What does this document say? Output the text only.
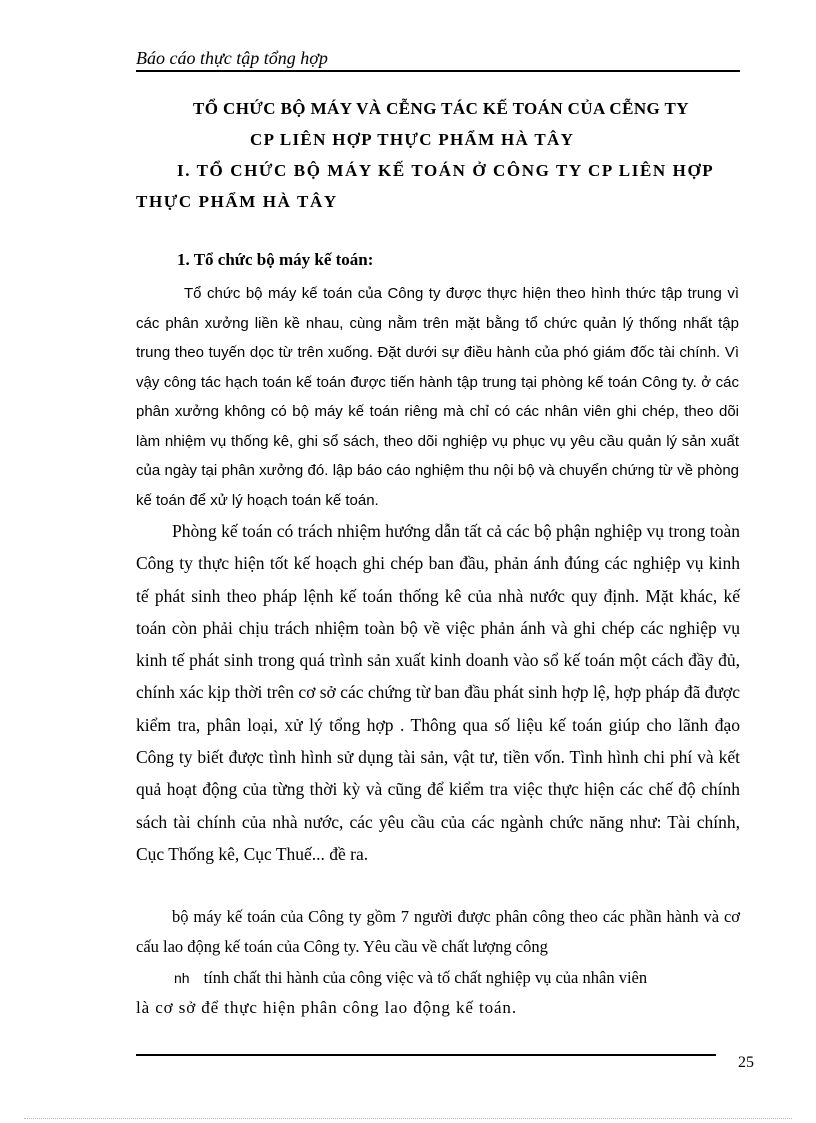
Báo cáo thực tập tổng hợp
TỔ CHỨC BỘ MÁY VÀ CỄNG TÁC KẾ TOÁN CỦA CỄNG TY
CP LIÊN HỢP THỰC PHẨM HÀ TÂY
I. TỔ CHỨC BỘ MÁY KẾ TOÁN Ở CÔNG TY CP LIÊN HỢP
THỰC PHẨM HÀ TÂY
1. Tổ chức bộ máy kế toán:

Tổ chức bộ máy kế toán của Công ty được thực hiện theo hình thức tập trung vì các phân xưởng liền kề nhau, cùng nằm trên mặt bằng tổ chức quản lý thống nhất tập trung theo tuyến dọc từ trên xuống. Đặt dưới sự điều hành của phó giám đốc tài chính. Vì vậy công tác hạch toán kế toán được tiến hành tập trung tại phòng kế toán Công ty. ở các phân xưởng không có bộ máy kế toán riêng mà chỉ có các nhân viên ghi chép, theo dõi làm nhiệm vụ thống kê, ghi sổ sách, theo dõi nghiệp vụ phục vụ yêu cầu quản lý sản xuất của ngày tại phân xưởng đó. lập báo cáo nghiệm thu nội bộ và chuyển chứng từ về phòng kế toán để xử lý hoạch toán kế toán.

Phòng kế toán có trách nhiệm hướng dẫn tất cả các bộ phận nghiệp vụ trong toàn Công ty thực hiện tốt kế hoạch ghi chép ban đầu, phản ánh đúng các nghiệp vụ kinh tế phát sinh theo pháp lệnh kế toán thống kê của nhà nước quy định. Mặt khác, kế toán còn phải chịu trách nhiệm toàn bộ về việc phản ánh và ghi chép các nghiệp vụ kinh tế phát sinh trong quá trình sản xuất kinh doanh vào sổ kế toán một cách đầy đủ, chính xác kịp thời trên cơ sở các chứng từ ban đầu phát sinh hợp lệ, hợp pháp đã được kiểm tra, phân loại, xử lý tổng hợp . Thông qua số liệu kế toán giúp cho lãnh đạo Công ty biết được tình hình sử dụng tài sản, vật tư, tiền vốn. Tình hình chi phí và kết quả hoạt động của từng thời kỳ và cũng để kiểm tra việc thực hiện các chế độ chính sách tài chính của nhà nước, các yêu cầu của các ngành chức năng như: Tài chính, Cục Thống kê, Cục Thuế... đề ra.

bộ máy kế toán của Công ty gồm 7 người được phân công theo các phần hành và cơ cấu lao động kế toán của Công ty. Yêu cầu về chất lượng công

nh tính chất thi hành của công việc và tố chất nghiệp vụ của nhân viên
là cơ sở để thực hiện phân công lao động kế toán.
25
